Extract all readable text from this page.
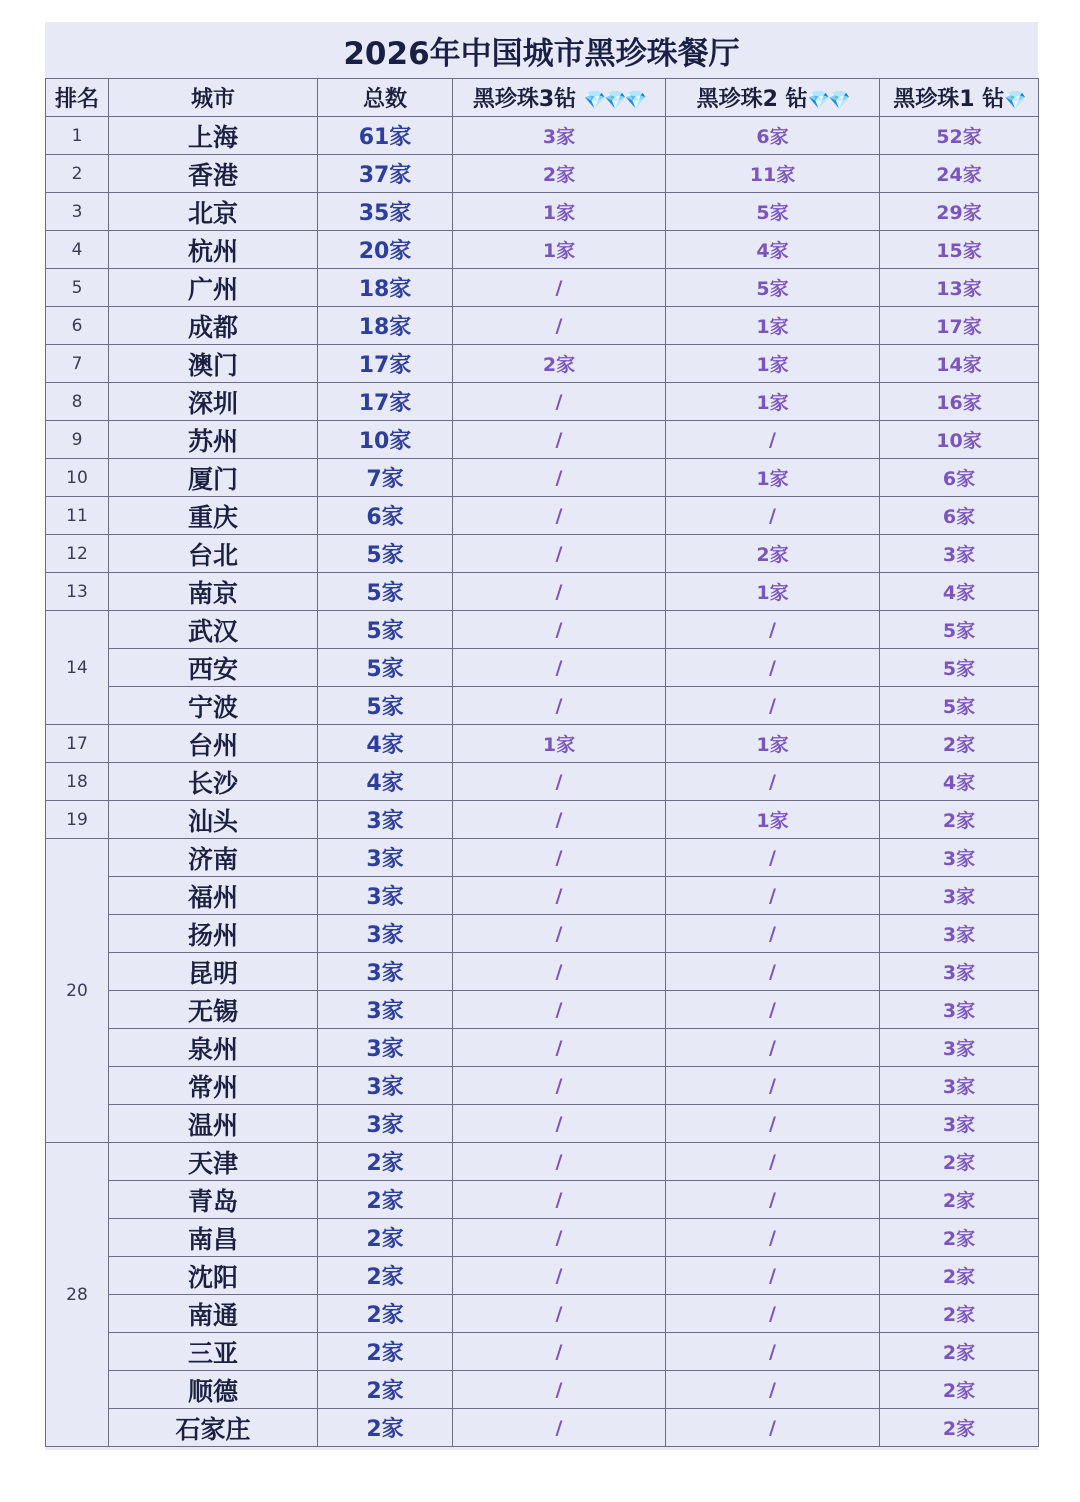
2026年中国城市黑珍珠餐厅
排名	城市	总数	黑珍珠3钻 💎💎💎	黑珍珠2 钻💎💎	黑珍珠1 钻💎
1	上海	61家	3家	6家	52家
2	香港	37家	2家	11家	24家
3	北京	35家	1家	5家	29家
4	杭州	20家	1家	4家	15家
5	广州	18家	/	5家	13家
6	成都	18家	/	1家	17家
7	澳门	17家	2家	1家	14家
8	深圳	17家	/	1家	16家
9	苏州	10家	/	/	10家
10	厦门	7家	/	1家	6家
11	重庆	6家	/	/	6家
12	台北	5家	/	2家	3家
13	南京	5家	/	1家	4家
14	武汉	5家	/	/	5家
	西安	5家	/	/	5家
	宁波	5家	/	/	5家
17	台州	4家	1家	1家	2家
18	长沙	4家	/	/	4家
19	汕头	3家	/	1家	2家
20	济南	3家	/	/	3家
	福州	3家	/	/	3家
	扬州	3家	/	/	3家
	昆明	3家	/	/	3家
	无锡	3家	/	/	3家
	泉州	3家	/	/	3家
	常州	3家	/	/	3家
	温州	3家	/	/	3家
28	天津	2家	/	/	2家
	青岛	2家	/	/	2家
	南昌	2家	/	/	2家
	沈阳	2家	/	/	2家
	南通	2家	/	/	2家
	三亚	2家	/	/	2家
	顺德	2家	/	/	2家
	石家庄	2家	/	/	2家
